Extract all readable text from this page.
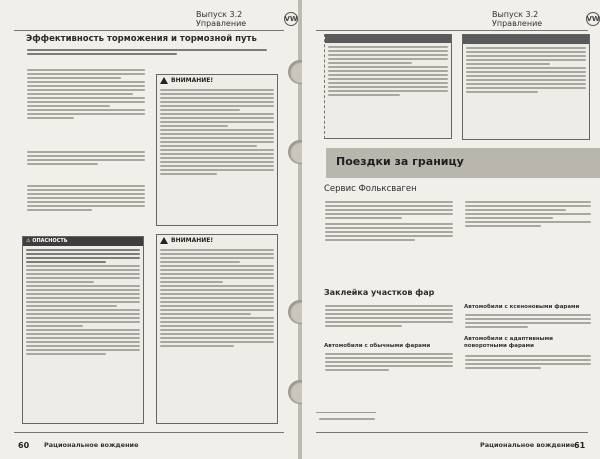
Выпуск 3.2 Управление	VW
Эффективность торможения и тормозной путь
⚠ ОПАСНОСТЬ
ВНИМАНИЕ!
ВНИМАНИЕ!
60 Рациональное вождение
Выпуск 3.2 Управление	VW

Поездки за границу
Сервис Фольксваген
Заклейка участков фар
Автомобили с обычными фарами
Автомобили с ксеноновыми фарами
Автомобили с адаптивными поворотными фарами
Рациональное вождение 61
